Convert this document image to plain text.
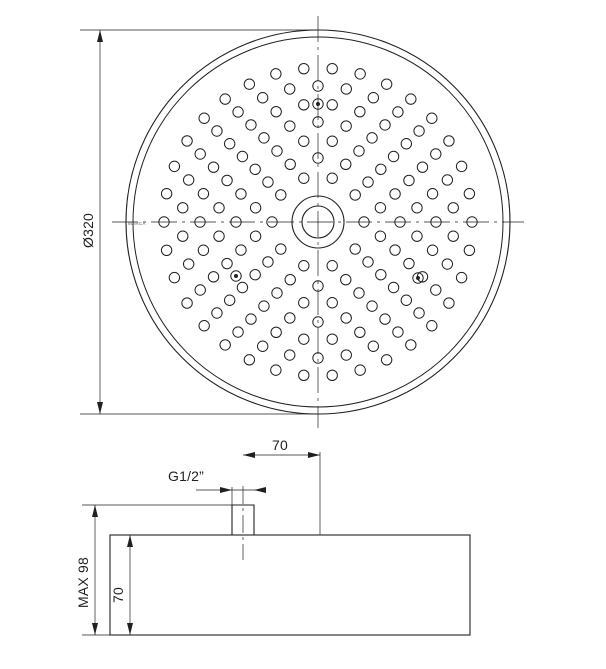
Ø320
MAX 98 70
70
G1/2”
MARCA
